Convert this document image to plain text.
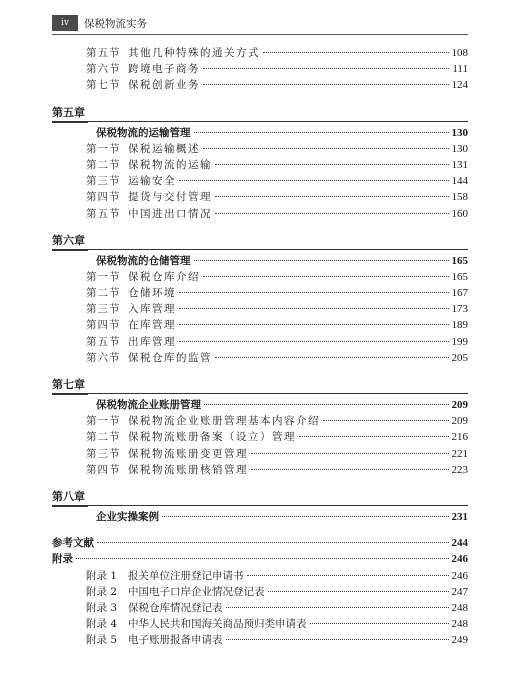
iv	保税物流实务
第五节 其他几种特殊的通关方式	108
第六节 跨境电子商务	111
第七节 保税创新业务	124
第五章
保税物流的运输管理	130
第一节 保税运输概述	130
第二节 保税物流的运输	131
第三节 运输安全	144
第四节 提货与交付管理	158
第五节 中国进出口情况	160
第六章
保税物流的仓储管理	165
第一节 保税仓库介绍	165
第二节 仓储环境	167
第三节 入库管理	173
第四节 在库管理	189
第五节 出库管理	199
第六节 保税仓库的监管	205
第七章
保税物流企业账册管理	209
第一节 保税物流企业账册管理基本内容介绍	209
第二节 保税物流账册备案（设立）管理	216
第三节 保税物流账册变更管理	221
第四节 保税物流账册核销管理	223
第八章
企业实操案例	231
参考文献	244
附录	246
附录 1	报关单位注册登记申请书	246
附录 2	中国电子口岸企业情况登记表	247
附录 3	保税仓库情况登记表	248
附录 4	中华人民共和国海关商品预归类申请表	248
附录 5	电子账册报备申请表	249
